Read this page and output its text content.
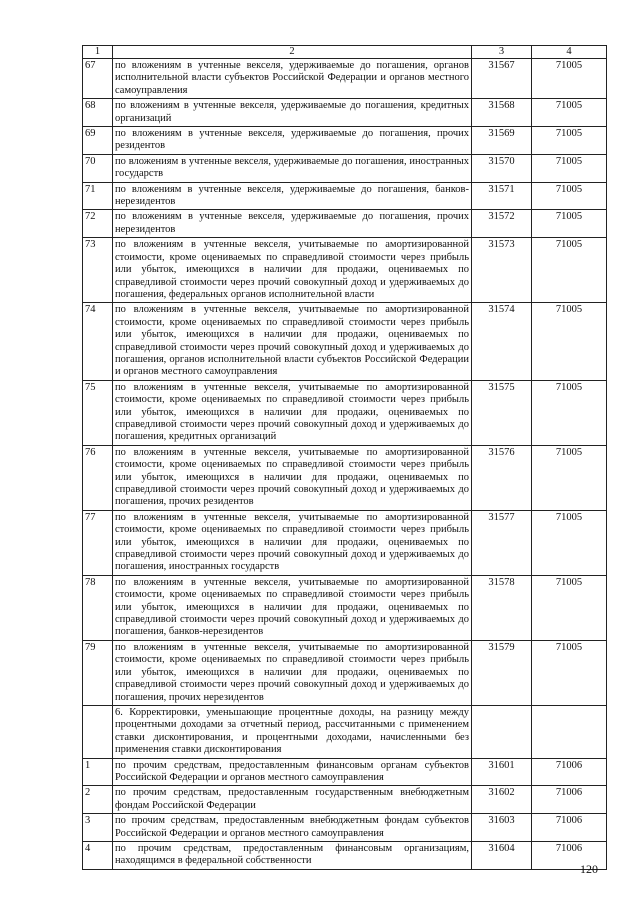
1	2	3	4
67	по вложениям в учтенные векселя, удерживаемые до погашения, органов исполнительной власти субъектов Российской Федерации и органов местного самоуправления	31567	71005
68	по вложениям в учтенные векселя, удерживаемые до погашения, кредитных организаций	31568	71005
69	по вложениям в учтенные векселя, удерживаемые до погашения, прочих резидентов	31569	71005
70	по вложениям в учтенные векселя, удерживаемые до погашения, иностранных государств	31570	71005
71	по вложениям в учтенные векселя, удерживаемые до погашения, банков-нерезидентов	31571	71005
72	по вложениям в учтенные векселя, удерживаемые до погашения, прочих нерезидентов	31572	71005
73	по вложениям в учтенные векселя, учитываемые по амортизированной стоимости, кроме оцениваемых по справедливой стоимости через прибыль или убыток, имеющихся в наличии для продажи, оцениваемых по справедливой стоимости через прочий совокупный доход и удерживаемых до погашения, федеральных органов исполнительной власти	31573	71005
74	по вложениям в учтенные векселя, учитываемые по амортизированной стоимости, кроме оцениваемых по справедливой стоимости через прибыль или убыток, имеющихся в наличии для продажи, оцениваемых по справедливой стоимости через прочий совокупный доход и удерживаемых до погашения, органов исполнительной власти субъектов Российской Федерации и органов местного самоуправления	31574	71005
75	по вложениям в учтенные векселя, учитываемые по амортизированной стоимости, кроме оцениваемых по справедливой стоимости через прибыль или убыток, имеющихся в наличии для продажи, оцениваемых по справедливой стоимости через прочий совокупный доход и удерживаемых до погашения, кредитных организаций	31575	71005
76	по вложениям в учтенные векселя, учитываемые по амортизированной стоимости, кроме оцениваемых по справедливой стоимости через прибыль или убыток, имеющихся в наличии для продажи, оцениваемых по справедливой стоимости через прочий совокупный доход и удерживаемых до погашения, прочих резидентов	31576	71005
77	по вложениям в учтенные векселя, учитываемые по амортизированной стоимости, кроме оцениваемых по справедливой стоимости через прибыль или убыток, имеющихся в наличии для продажи, оцениваемых по справедливой стоимости через прочий совокупный доход и удерживаемых до погашения, иностранных государств	31577	71005
78	по вложениям в учтенные векселя, учитываемые по амортизированной стоимости, кроме оцениваемых по справедливой стоимости через прибыль или убыток, имеющихся в наличии для продажи, оцениваемых по справедливой стоимости через прочий совокупный доход и удерживаемых до погашения, банков-нерезидентов	31578	71005
79	по вложениям в учтенные векселя, учитываемые по амортизированной стоимости, кроме оцениваемых по справедливой стоимости через прибыль или убыток, имеющихся в наличии для продажи, оцениваемых по справедливой стоимости через прочий совокупный доход и удерживаемых до погашения, прочих нерезидентов	31579	71005
	6. Корректировки, уменьшающие процентные доходы, на разницу между процентными доходами за отчетный период, рассчитанными с применением ставки дисконтирования, и процентными доходами, начисленными без применения ставки дисконтирования		
1	по прочим средствам, предоставленным финансовым органам субъектов Российской Федерации и органов местного самоуправления	31601	71006
2	по прочим средствам, предоставленным государственным внебюджетным фондам Российской Федерации	31602	71006
3	по прочим средствам, предоставленным внебюджетным фондам субъектов Российской Федерации и органов местного самоуправления	31603	71006
4	по прочим средствам, предоставленным финансовым организациям, находящимся в федеральной собственности	31604	71006
120
